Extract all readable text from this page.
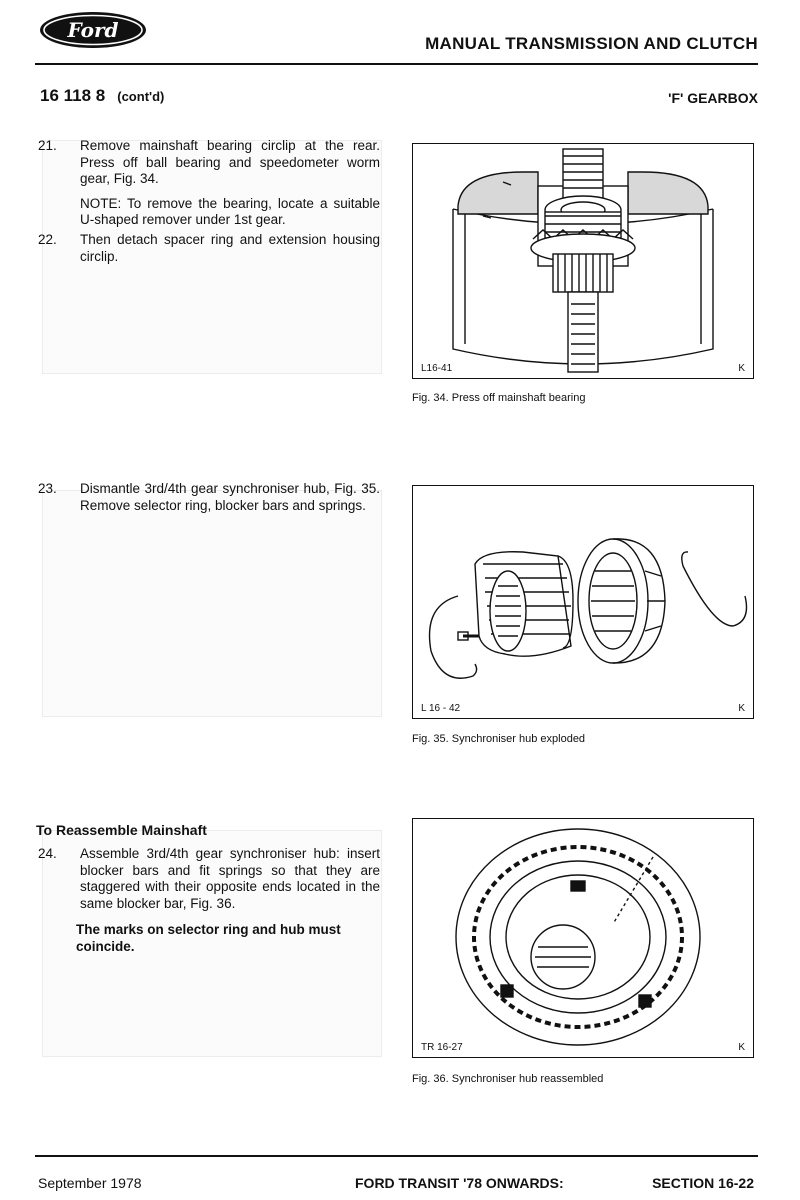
Ford
MANUAL TRANSMISSION AND CLUTCH
16 118 8 (cont'd)	'F' GEARBOX
21. Remove mainshaft bearing circlip at the rear. Press off ball bearing and speedometer worm gear, Fig. 34.
NOTE: To remove the bearing, locate a suitable U-shaped remover under 1st gear.
22. Then detach spacer ring and extension housing circlip.
23. Dismantle 3rd/4th gear synchroniser hub, Fig. 35. Remove selector ring, blocker bars and springs.
To Reassemble Mainshaft
24. Assemble 3rd/4th gear synchroniser hub: insert blocker bars and fit springs so that they are staggered with their opposite ends located in the same blocker bar, Fig. 36.
The marks on selector ring and hub must coincide.
L16-41	K
Fig. 34. Press off mainshaft bearing
L 16 - 42	K
Fig. 35. Synchroniser hub exploded
TR 16-27	K
Fig. 36. Synchroniser hub reassembled
September 1978	FORD TRANSIT '78 ONWARDS:	SECTION 16-22
